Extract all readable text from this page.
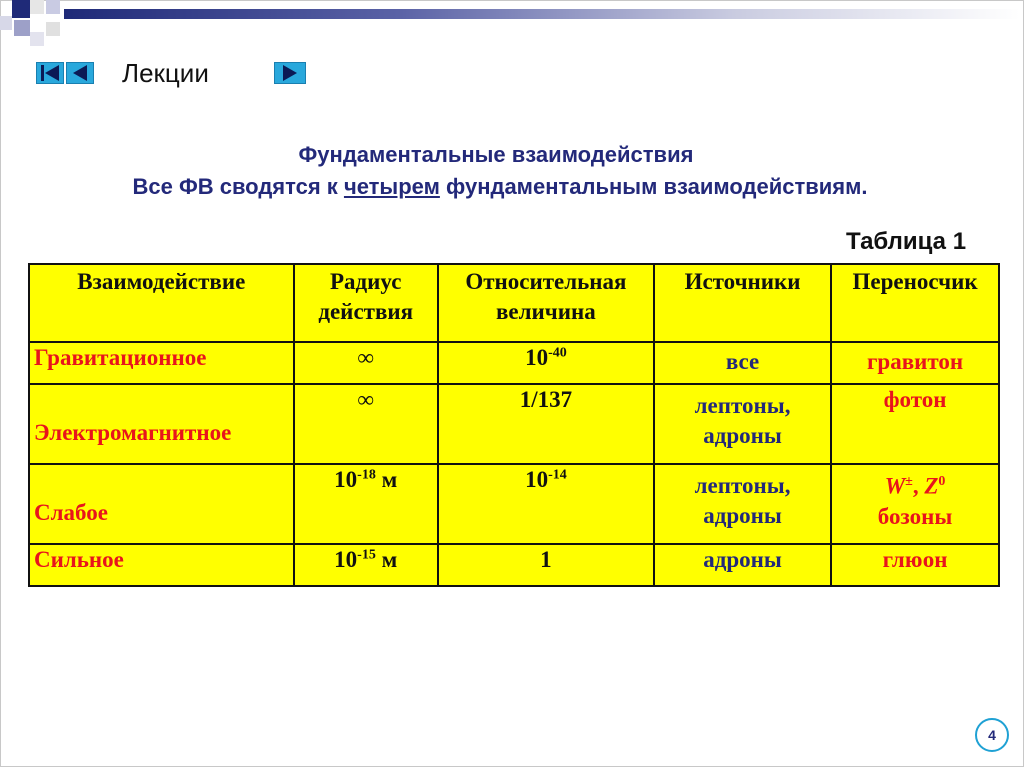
Лекции
Фундаментальные взаимодействия
Все ФВ сводятся к четырем фундаментальным взаимодействиям.
Таблица 1
Взаимодействие	Радиус действия	Относительная величина	Источники	Переносчик
Гравитационное	∞	$10^{-40}$	все	гравитон
Электромагнитное	∞	1/137	лептоны, адроны	фотон
Слабое	$10^{-18}$ м	$10^{-14}$	лептоны, адроны	W±, $Z^0$
бозоны
Сильное	$10^{-15}$ м	1	адроны	глюон
4
